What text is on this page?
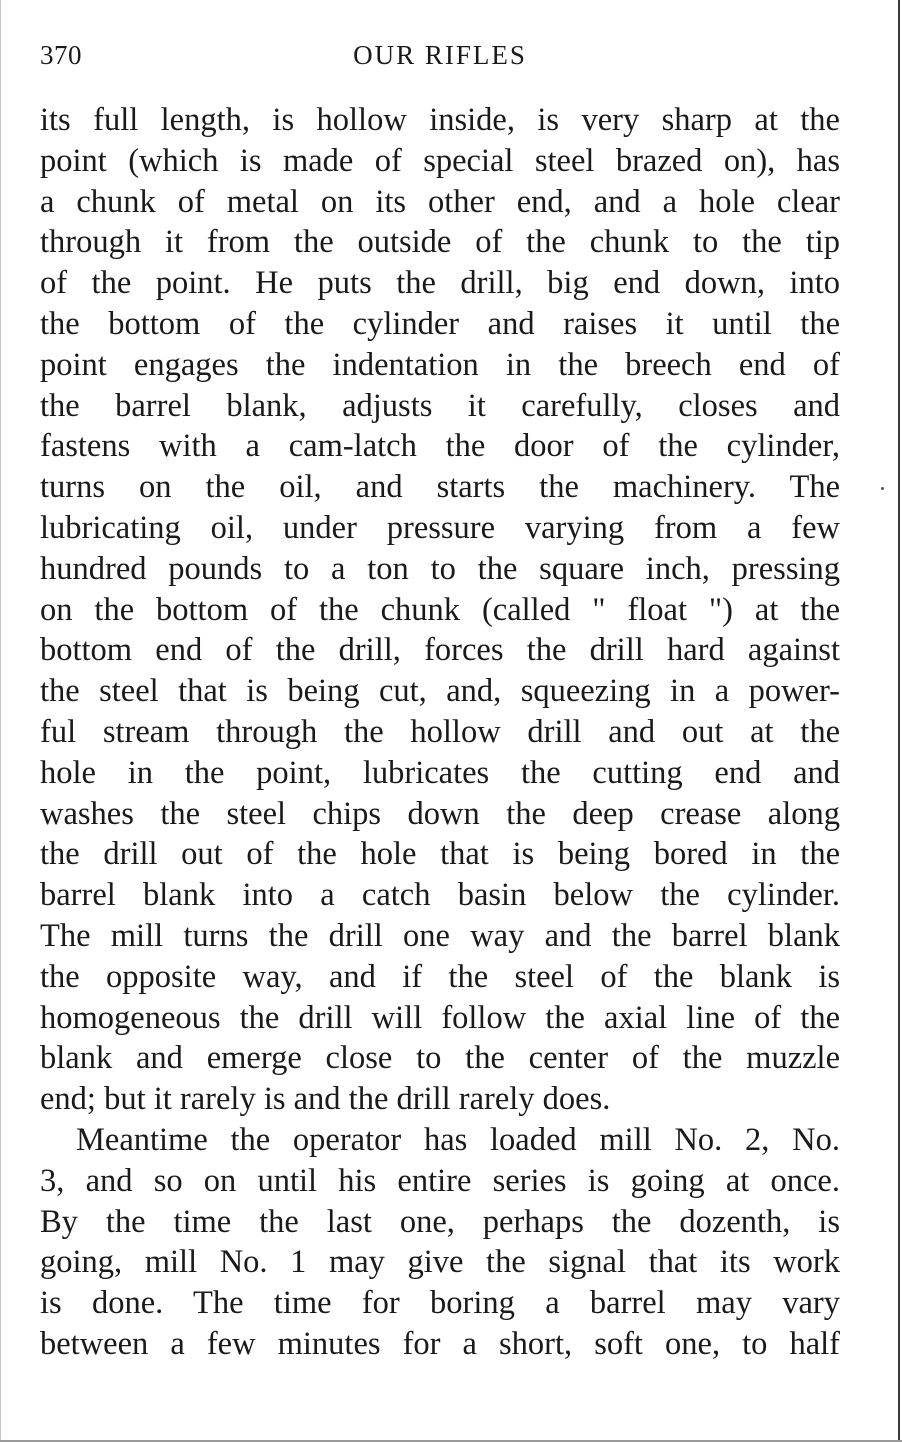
370	OUR RIFLES
its full length, is hollow inside, is very sharp at the
point (which is made of special steel brazed on), has
a chunk of metal on its other end, and a hole clear
through it from the outside of the chunk to the tip
of the point. He puts the drill, big end down, into
the bottom of the cylinder and raises it until the
point engages the indentation in the breech end of
the barrel blank, adjusts it carefully, closes and
fastens with a cam-latch the door of the cylinder,
turns on the oil, and starts the machinery. The
lubricating oil, under pressure varying from a few
hundred pounds to a ton to the square inch, pressing
on the bottom of the chunk (called " float ") at the
bottom end of the drill, forces the drill hard against
the steel that is being cut, and, squeezing in a power-
ful stream through the hollow drill and out at the
hole in the point, lubricates the cutting end and
washes the steel chips down the deep crease along
the drill out of the hole that is being bored in the
barrel blank into a catch basin below the cylinder.
The mill turns the drill one way and the barrel blank
the opposite way, and if the steel of the blank is
homogeneous the drill will follow the axial line of the
blank and emerge close to the center of the muzzle
end; but it rarely is and the drill rarely does.
Meantime the operator has loaded mill No. 2, No.
3, and so on until his entire series is going at once.
By the time the last one, perhaps the dozenth, is
going, mill No. 1 may give the signal that its work
is done. The time for boring a barrel may vary
between a few minutes for a short, soft one, to half
